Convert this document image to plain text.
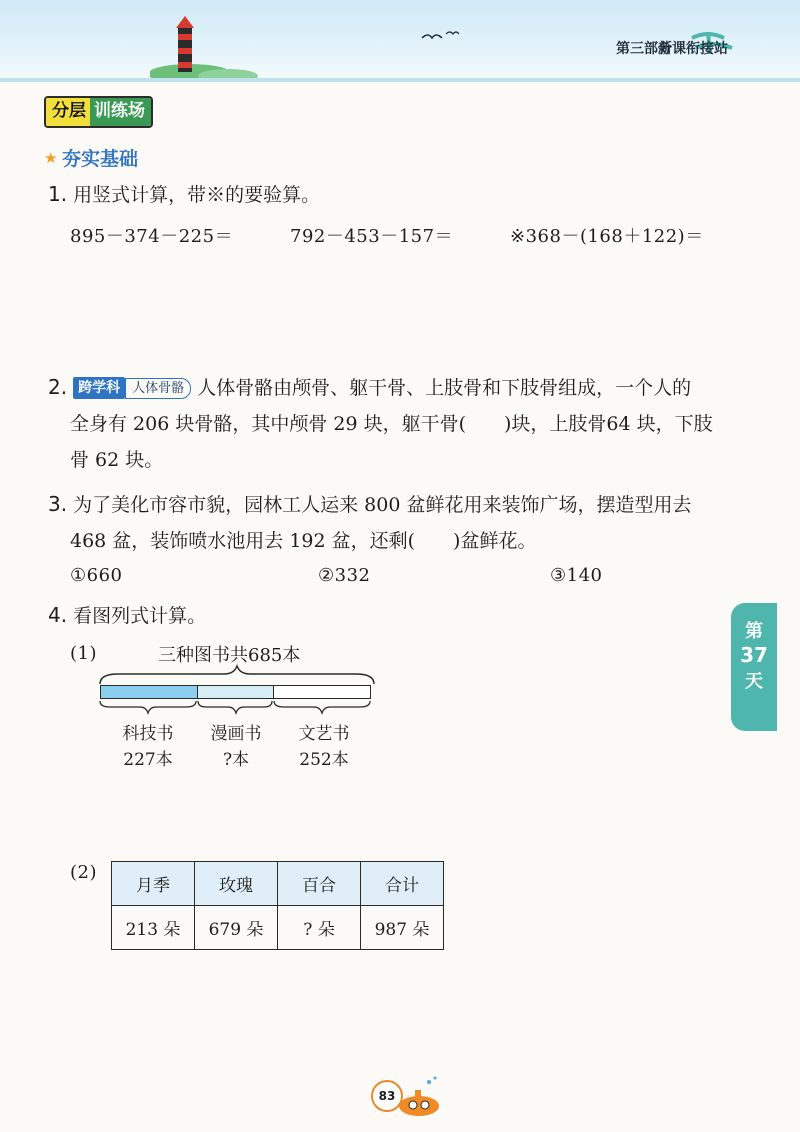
第三部分
新课衔接站
分层 训练场
★ 夯实基础
1. 用竖式计算，带※的要验算。
895－374－225＝	792－453－157＝	※368－(168＋122)＝
2. 跨学科 人体骨骼 人体骨骼由颅骨、躯干骨、上肢骨和下肢骨组成，一个人的
全身有 206 块骨骼，其中颅骨 29 块，躯干骨(　　)块，上肢骨64 块，下肢
骨 62 块。
3. 为了美化市容市貌，园林工人运来 800 盆鲜花用来装饰广场，摆造型用去
468 盆，装饰喷水池用去 192 盆，还剩(　　)盆鲜花。
①660	②332	③140
4. 看图列式计算。
(1)	三种图书共685本
科技书
227本
漫画书
?本
文艺书
252本
(2)
月季	玫瑰	百合	合计
213 朵	679 朵	? 朵	987 朵
第
37
天
83
